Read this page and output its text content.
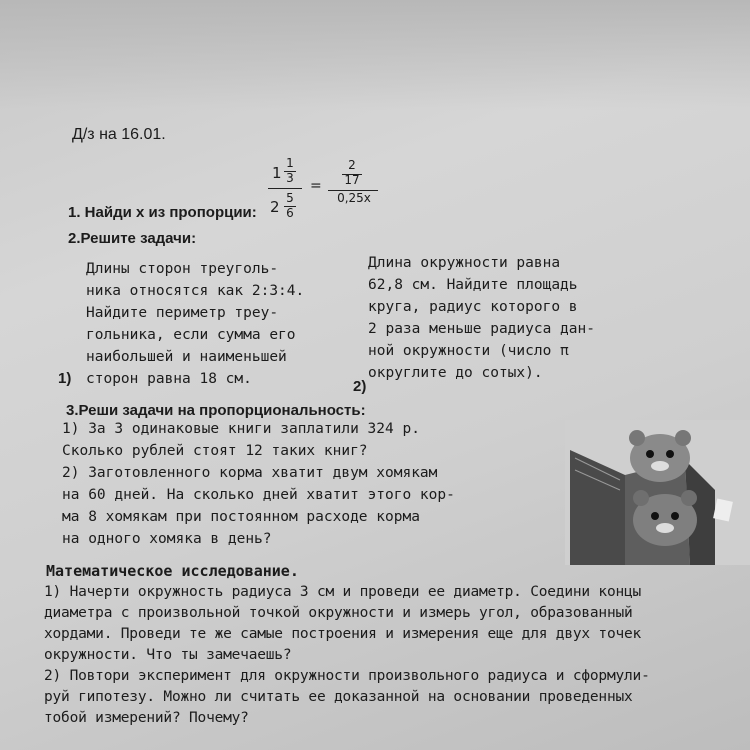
Д/з на 16.01.
1
1
3
2 5
6
=
2
17
0,25x
1. Найди x из пропорции:
2.Решите задачи:
Длины сторон треуголь-
ника относятся как 2:3:4.
Найдите периметр треу-
гольника, если сумма его
наибольшей и наименьшей
сторон равна 18 см.
1)
Длина окружности равна
62,8 см. Найдите площадь
круга, радиус которого в
2 раза меньше радиуса дан-
ной окружности (число π
округлите до сотых).
2)
3.Реши задачи на пропорциональность:
1) За 3 одинаковые книги заплатили 324 р.
Сколько рублей стоят 12 таких книг?
2) Заготовленного корма хватит двум хомякам
на 60 дней. На сколько дней хватит этого кор-
ма 8 хомякам при постоянном расходе корма
на одного хомяка в день?
Математическое исследование.
1) Начерти окружность радиуса 3 см и проведи ее диаметр. Соедини концы
диаметра с произвольной точкой окружности и измерь угол, образованный
хордами. Проведи те же самые построения и измерения еще для двух точек
окружности. Что ты замечаешь?
2) Повтори эксперимент для окружности произвольного радиуса и сформули-
руй гипотезу. Можно ли считать ее доказанной на основании проведенных
тобой измерений? Почему?
